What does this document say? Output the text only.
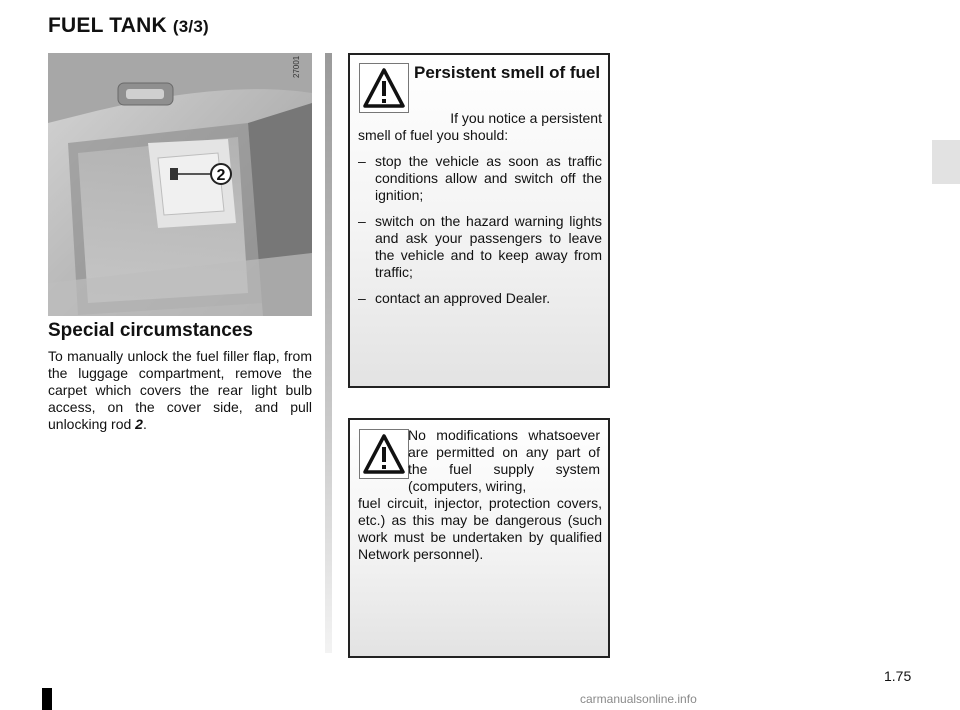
FUEL TANK (3/3)
27001
2
Special circumstances
To manually unlock the fuel filler flap, from the luggage compartment, remove the carpet which covers the rear light bulb access, on the cover side, and pull unlocking rod 2.
Persistent smell of fuel
If you notice a persistent
smell of fuel you should:
– stop the vehicle as soon as traffic conditions allow and switch off the ignition;
– switch on the hazard warning lights and ask your passengers to leave the vehicle and to keep away from traffic;
– contact an approved Dealer.
No modifications whatsoever are permitted on any part of the fuel supply system (computers, wiring,
fuel circuit, injector, protection covers, etc.) as this may be dangerous (such work must be undertaken by qualified Network personnel).
1.75
carmanualsonline.info
